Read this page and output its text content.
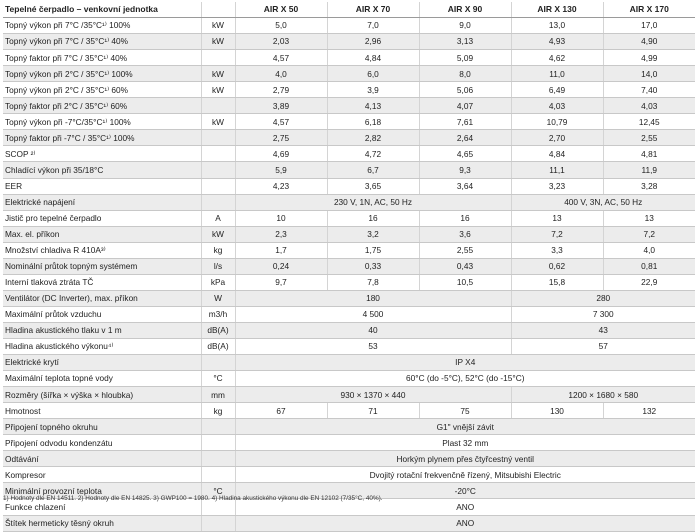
Tepelné čerpadlo – venkovní jednotka		AIR X 50	AIR X 70	AIR X 90	AIR X 130	AIR X 170
Topný výkon při 7°C /35°C¹⁾ 100%	kW	5,0	7,0	9,0	13,0	17,0
Topný výkon při 7°C / 35°C¹⁾ 40%	kW	2,03	2,96	3,13	4,93	4,90
Topný faktor při 7°C / 35°C¹⁾ 40%		4,57	4,84	5,09	4,62	4,99
Topný výkon při 2°C / 35°C¹⁾ 100%	kW	4,0	6,0	8,0	11,0	14,0
Topný výkon při 2°C / 35°C¹⁾ 60%	kW	2,79	3,9	5,06	6,49	7,40
Topný faktor při 2°C / 35°C¹⁾ 60%		3,89	4,13	4,07	4,03	4,03
Topný výkon při -7°C/35°C¹⁾ 100%	kW	4,57	6,18	7,61	10,79	12,45
Topný faktor při -7°C / 35°C¹⁾ 100%		2,75	2,82	2,64	2,70	2,55
SCOP ²⁾		4,69	4,72	4,65	4,84	4,81
Chladící výkon při 35/18°C		5,9	6,7	9,3	11,1	11,9
EER		4,23	3,65	3,64	3,23	3,28
Elektrické napájení		230 V, 1N, AC, 50 Hz			400 V, 3N, AC, 50 Hz	
Jistič pro tepelné čerpadlo	A	10	16	16	13	13
Max. el. příkon	kW	2,3	3,2	3,6	7,2	7,2
Množství chladiva R 410A³⁾	kg	1,7	1,75	2,55	3,3	4,0
Nominální průtok topným systémem	l/s	0,24	0,33	0,43	0,62	0,81
Interní tlaková ztráta TČ	kPa	9,7	7,8	10,5	15,8	22,9
Ventilátor (DC Inverter), max. příkon	W	180			280	
Maximální průtok vzduchu	m3/h	4 500			7 300	
Hladina akustického tlaku v 1 m	dB(A)	40			43	
Hladina akustického výkonu⁴⁾	dB(A)	53			57	
Elektrické krytí		IP X4				
Maximální teplota topné vody	°C	60°C (do -5°C), 52°C (do -15°C)				
Rozměry (šířka × výška × hloubka)	mm	930 × 1370 × 440			1200 × 1680 × 580	
Hmotnost	kg	67	71	75	130	132
Připojení topného okruhu		G1" vnější závit				
Připojení odvodu kondenzátu		Plast 32 mm				
Odtávání		Horkým plynem přes čtyřcestný ventil				
Kompresor		Dvojitý rotační frekvenčně řízený, Mitsubishi Electric				
Minimální provozní teplota	°C	-20°C				
Funkce chlazení		ANO				
Štítek hermeticky těsný okruh		ANO				
1) Hodnoty dle EN 14511. 2) Hodnoty dle EN 14825. 3) GWP100 = 1980. 4) Hladina akustického výkonu dle EN 12102 (7/35°C, 40%).
